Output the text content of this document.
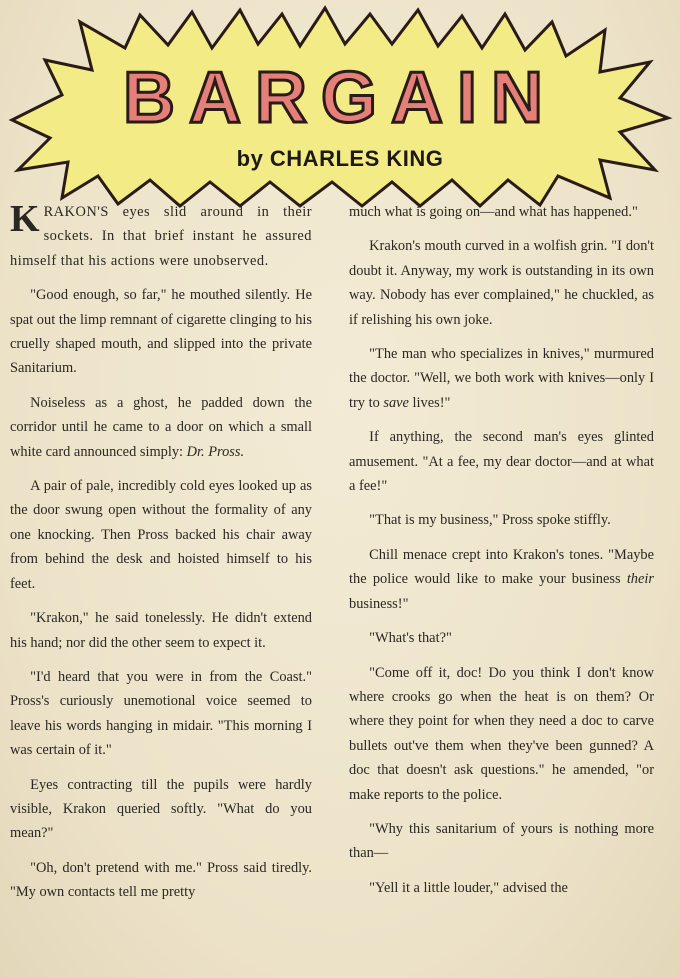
BARGAIN
by CHARLES KING

KRAKON'S eyes slid around in their sockets. In that brief instant he assured himself that his actions were unobserved.

"Good enough, so far," he mouthed silently. He spat out the limp remnant of cigarette clinging to his cruelly shaped mouth, and slipped into the private Sanitarium.

Noiseless as a ghost, he padded down the corridor until he came to a door on which a small white card announced simply: Dr. Pross.

A pair of pale, incredibly cold eyes looked up as the door swung open without the formality of any one knocking. Then Pross backed his chair away from behind the desk and hoisted himself to his feet.

"Krakon," he said tonelessly. He didn't extend his hand; nor did the other seem to expect it.

"I'd heard that you were in from the Coast." Pross's curiously unemotional voice seemed to leave his words hanging in midair. "This morning I was certain of it."

Eyes contracting till the pupils were hardly visible, Krakon queried softly. "What do you mean?"

"Oh, don't pretend with me." Pross said tiredly. "My own contacts tell me pretty

much what is going on—and what has happened."

Krakon's mouth curved in a wolfish grin. "I don't doubt it. Anyway, my work is outstanding in its own way. Nobody has ever complained," he chuckled, as if relishing his own joke.

"The man who specializes in knives," murmured the doctor. "Well, we both work with knives—only I try to save lives!"

If anything, the second man's eyes glinted amusement. "At a fee, my dear doctor—and at what a fee!"

"That is my business," Pross spoke stiffly.

Chill menace crept into Krakon's tones. "Maybe the police would like to make your business their business!"

"What's that?"

"Come off it, doc! Do you think I don't know where crooks go when the heat is on them? Or where they point for when they need a doc to carve bullets out've them when they've been gunned? A doc that doesn't ask questions." he amended, "or make reports to the police.

"Why this sanitarium of yours is nothing more than—

"Yell it a little louder," advised the
